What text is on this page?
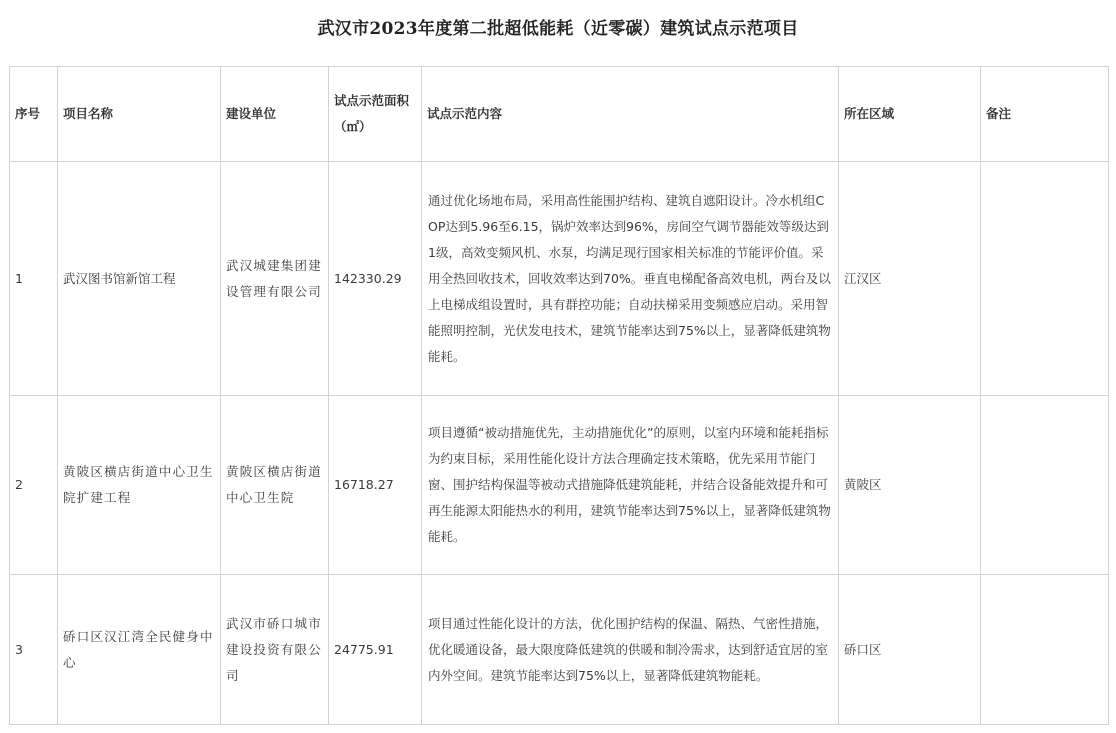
武汉市2023年度第二批超低能耗（近零碳）建筑试点示范项目
序号	项目名称	建设单位	试点示范面积（㎡）	试点示范内容	所在区域	备注
1	武汉图书馆新馆工程	武汉城建集团建设管理有限公司	142330.29	通过优化场地布局，采用高性能围护结构、建筑自遮阳设计。冷水机组COP达到5.96至6.15，锅炉效率达到96%，房间空气调节器能效等级达到1级，高效变频风机、水泵，均满足现行国家相关标准的节能评价值。采用全热回收技术，回收效率达到70%。垂直电梯配备高效电机，两台及以上电梯成组设置时，具有群控功能；自动扶梯采用变频感应启动。采用智能照明控制，光伏发电技术，建筑节能率达到75%以上，显著降低建筑物能耗。	江汉区	
2	黄陂区横店街道中心卫生院扩建工程	黄陂区横店街道中心卫生院	16718.27	项目遵循“被动措施优先，主动措施优化”的原则，以室内环境和能耗指标为约束目标，采用性能化设计方法合理确定技术策略，优先采用节能门窗、围护结构保温等被动式措施降低建筑能耗，并结合设备能效提升和可再生能源太阳能热水的利用，建筑节能率达到75%以上，显著降低建筑物能耗。	黄陂区	
3	硚口区汉江湾全民健身中心	武汉市硚口城市建设投资有限公司	24775.91	项目通过性能化设计的方法，优化围护结构的保温、隔热、气密性措施，优化暖通设备，最大限度降低建筑的供暖和制冷需求，达到舒适宜居的室内外空间。建筑节能率达到75%以上，显著降低建筑物能耗。	硚口区	
